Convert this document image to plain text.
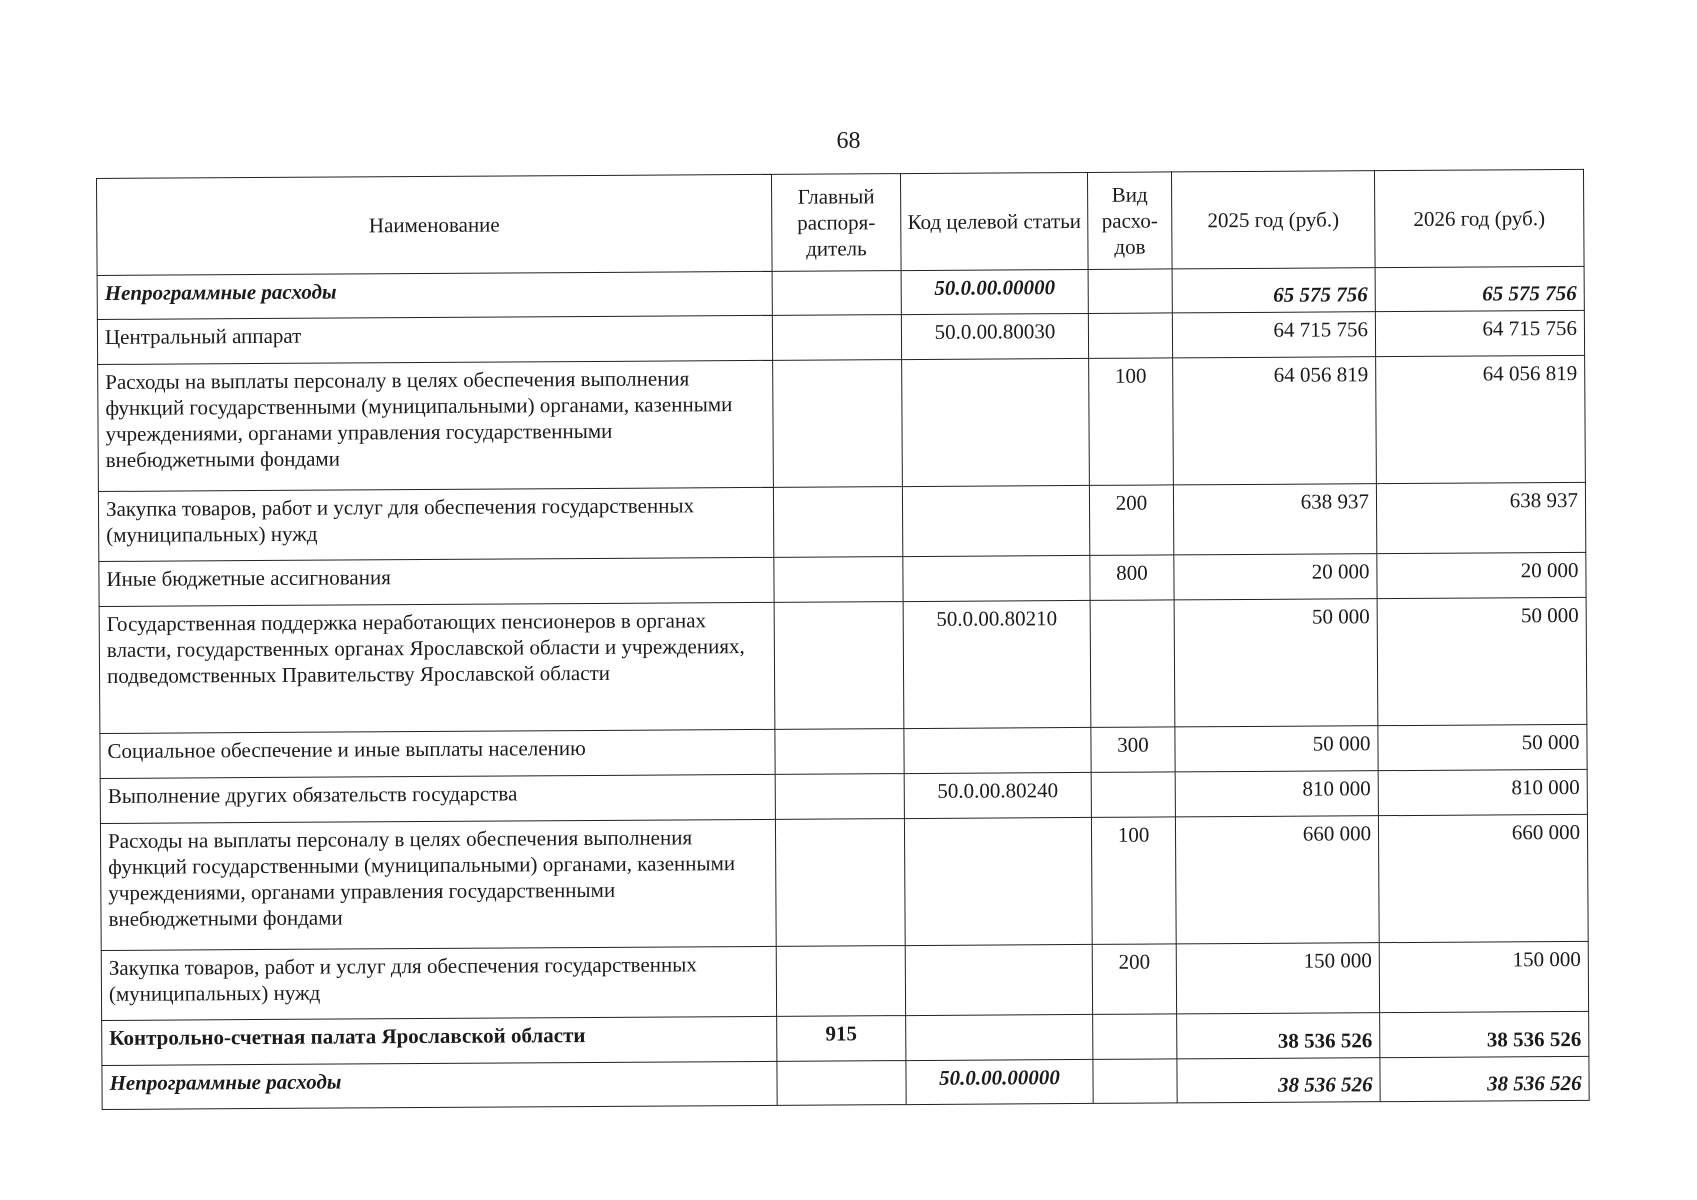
68
Наименование	Главный распоря- дитель	Код целевой статьи	Вид расхо- дов	2025 год (руб.)	2026 год (руб.)
Непрограммные расходы		50.0.00.00000		65 575 756	65 575 756
Центральный аппарат		50.0.00.80030		64 715 756	64 715 756
Расходы на выплаты персоналу в целях обеспечения выполнения функций государственными (муниципальными) органами, казенными учреждениями, органами управления государственными внебюджетными фондами			100	64 056 819	64 056 819
Закупка товаров, работ и услуг для обеспечения государственных (муниципальных) нужд			200	638 937	638 937
Иные бюджетные ассигнования			800	20 000	20 000
Государственная поддержка неработающих пенсионеров в органах власти, государственных органах Ярославской области и учреждениях, подведомственных Правительству Ярославской области		50.0.00.80210		50 000	50 000
Социальное обеспечение и иные выплаты населению			300	50 000	50 000
Выполнение других обязательств государства		50.0.00.80240		810 000	810 000
Расходы на выплаты персоналу в целях обеспечения выполнения функций государственными (муниципальными) органами, казенными учреждениями, органами управления государственными внебюджетными фондами			100	660 000	660 000
Закупка товаров, работ и услуг для обеспечения государственных (муниципальных) нужд			200	150 000	150 000
Контрольно-счетная палата Ярославской области	915			38 536 526	38 536 526
Непрограммные расходы		50.0.00.00000		38 536 526	38 536 526
